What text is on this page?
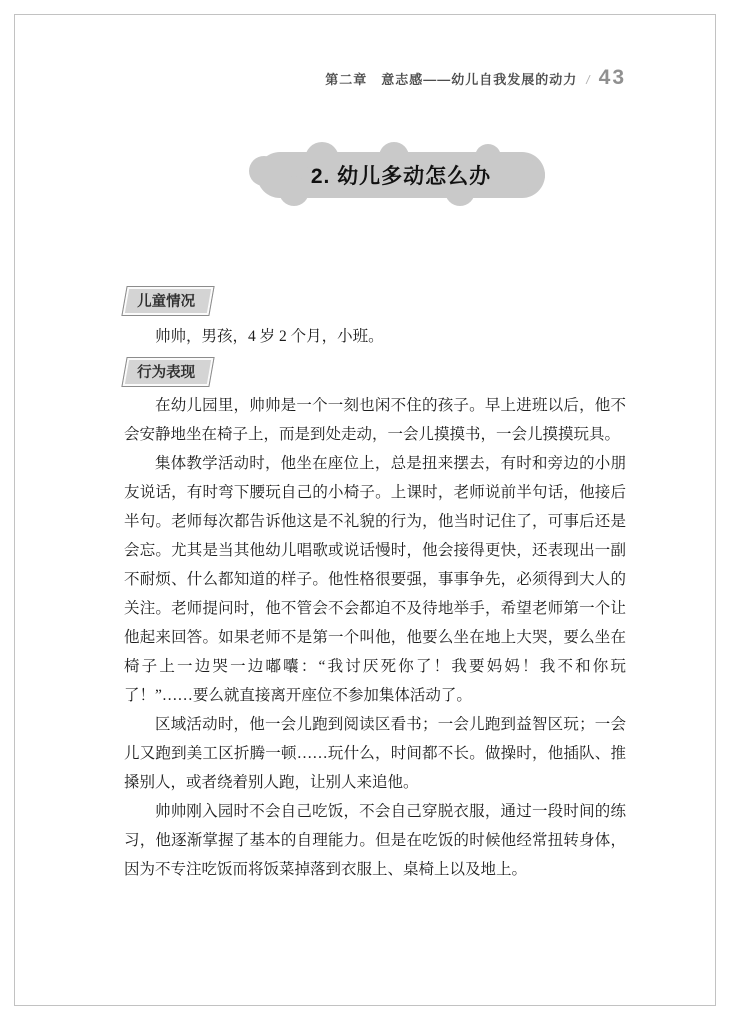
第二章　意志感——幼儿自我发展的动力 / 43
2. 幼儿多动怎么办
儿童情况

帅帅，男孩，4 岁 2 个月，小班。

行为表现

在幼儿园里，帅帅是一个一刻也闲不住的孩子。早上进班以后，他不会安静地坐在椅子上，而是到处走动，一会儿摸摸书，一会儿摸摸玩具。

集体教学活动时，他坐在座位上，总是扭来摆去，有时和旁边的小朋友说话，有时弯下腰玩自己的小椅子。上课时，老师说前半句话，他接后半句。老师每次都告诉他这是不礼貌的行为，他当时记住了，可事后还是会忘。尤其是当其他幼儿唱歌或说话慢时，他会接得更快，还表现出一副不耐烦、什么都知道的样子。他性格很要强，事事争先，必须得到大人的关注。老师提问时，他不管会不会都迫不及待地举手，希望老师第一个让他起来回答。如果老师不是第一个叫他，他要么坐在地上大哭，要么坐在椅子上一边哭一边嘟囔：“我讨厌死你了！我要妈妈！我不和你玩了！”……要么就直接离开座位不参加集体活动了。

区域活动时，他一会儿跑到阅读区看书；一会儿跑到益智区玩；一会儿又跑到美工区折腾一顿……玩什么，时间都不长。做操时，他插队、推搡别人，或者绕着别人跑，让别人来追他。

帅帅刚入园时不会自己吃饭，不会自己穿脱衣服，通过一段时间的练习，他逐渐掌握了基本的自理能力。但是在吃饭的时候他经常扭转身体，因为不专注吃饭而将饭菜掉落到衣服上、桌椅上以及地上。
